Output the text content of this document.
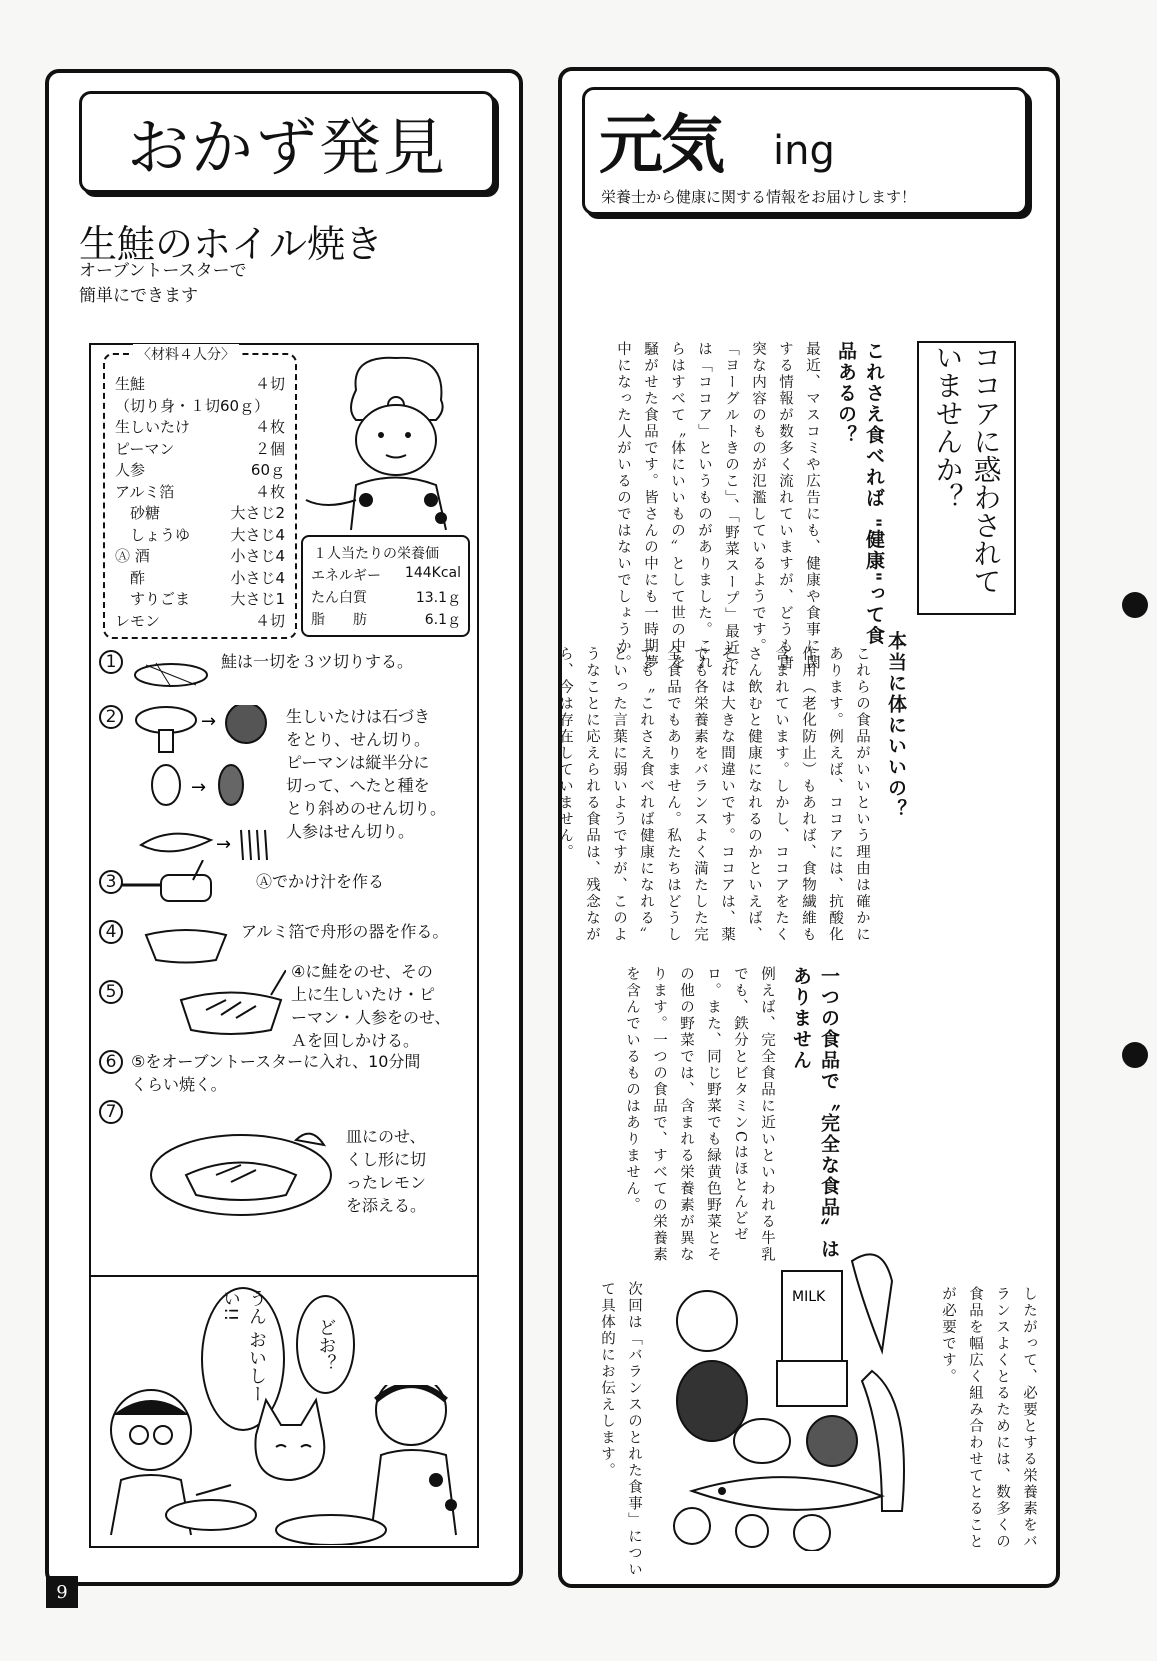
おかず発見
生鮭のホイル焼き
オーブントースターで
簡単にできます
〈材料４人分〉
生鮭	４切
（切り身・１切60ｇ）
生しいたけ	４枚
ピーマン	２個
人参	60ｇ
アルミ箔	４枚
　砂糖	大さじ2
　しょうゆ	大さじ4
Ⓐ 酒	小さじ4
　酢	小さじ4
　すりごま	大さじ1
レモン	４切
１人当たりの栄養価
エネルギー 144Kcal
たん白質	13.1ｇ
脂　　肪	6.1ｇ
1	鮭は一切を３ツ切りする。
2	生しいたけは石づき
をとり、せん切り。
ピーマンは縦半分に
切って、へたと種を
とり斜めのせん切り。
人参はせん切り。
3	Ⓐでかけ汁を作る
4	アルミ箔で舟形の器を作る。
5
④に鮭をのせ、その
上に生しいたけ・ピ
ーマン・人参をのせ、
Ａを回しかける。
6 ⑤をオーブントースターに入れ、10分間
くらい焼く。
7
皿にのせ、
くし形に切
ったレモン
を添える。
→
→
→
うん おいしーい!!
どお？
9
元気 ing
栄養士から健康に関する情報をお届けします！
ココアに惑わされて いませんか？
これさえ食べれば "健康"って食品あるの？
最近、マスコミや広告にも、健康や食事に関する情報が数多く流れていますが、どうも唐突な内容のものが氾濫しているようです。「ヨーグルトきのこ」、「野菜スープ」最近では「ココア」というものがありました。これらはすべて〝体にいいもの〟として世の中を騒がせた食品です。皆さんの中にも一時期夢中になった人がいるのではないでしょうか。
本当に体にいいの？
これらの食品がいいという理由は確かにあります。例えば、ココアには、抗酸化作用（老化防止）もあれば、食物繊維も含まれています。しかし、ココアをたくさん飲むと健康になれるのかといえば、それは大きな間違いです。ココアは、薬でも各栄養素をバランスよく満たした完全食品でもありません。私たちはどうしても〝これさえ食べれば健康になれる〟といった言葉に弱いようですが、このようなことに応えられる食品は、残念ながら、今は存在していません。
一つの食品で〝完全な食品〟はありません
例えば、完全食品に近いといわれる牛乳でも、鉄分とビタミンCはほとんどゼロ。また、同じ野菜でも緑黄色野菜とその他の野菜では、含まれる栄養素が異なります。一つの食品で、すべての栄養素を含んでいるものはありません。
したがって、必要とする栄養素をバランスよくとるためには、数多くの食品を幅広く組み合わせてとることが必要です。
次回は「バランスのとれた食事」について具体的にお伝えします。	MILK
